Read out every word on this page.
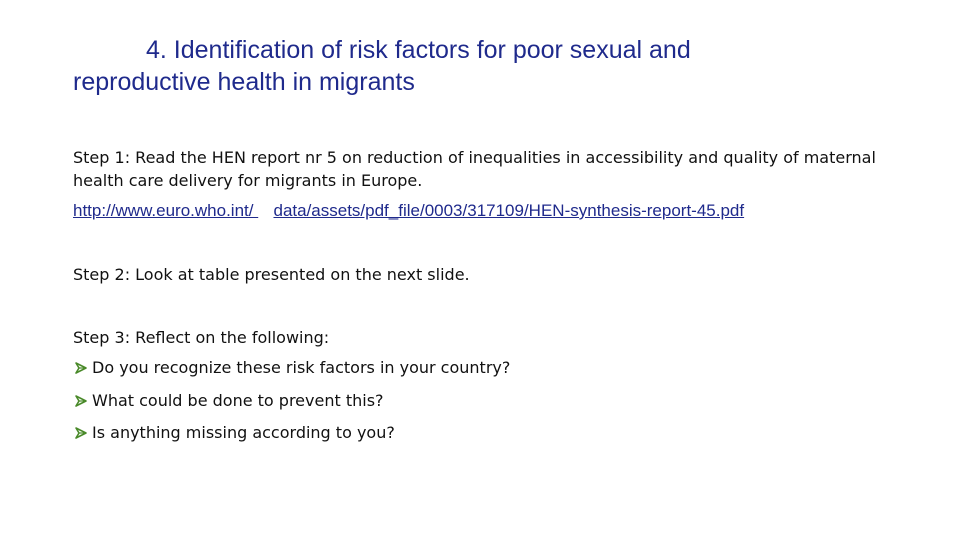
4. Identification of risk factors for poor sexual and
reproductive health in migrants
Step 1: Read the HEN report nr 5 on reduction of inequalities in accessibility and quality of maternal health care delivery for migrants in Europe.
http://www.euro.who.int/ data/assets/pdf_file/0003/317109/HEN-synthesis-report-45.pdf
Step 2: Look at table presented on the next slide.
Step 3: Reflect on the following:
Do you recognize these risk factors in your country?
What could be done to prevent this?
Is anything missing according to you?
